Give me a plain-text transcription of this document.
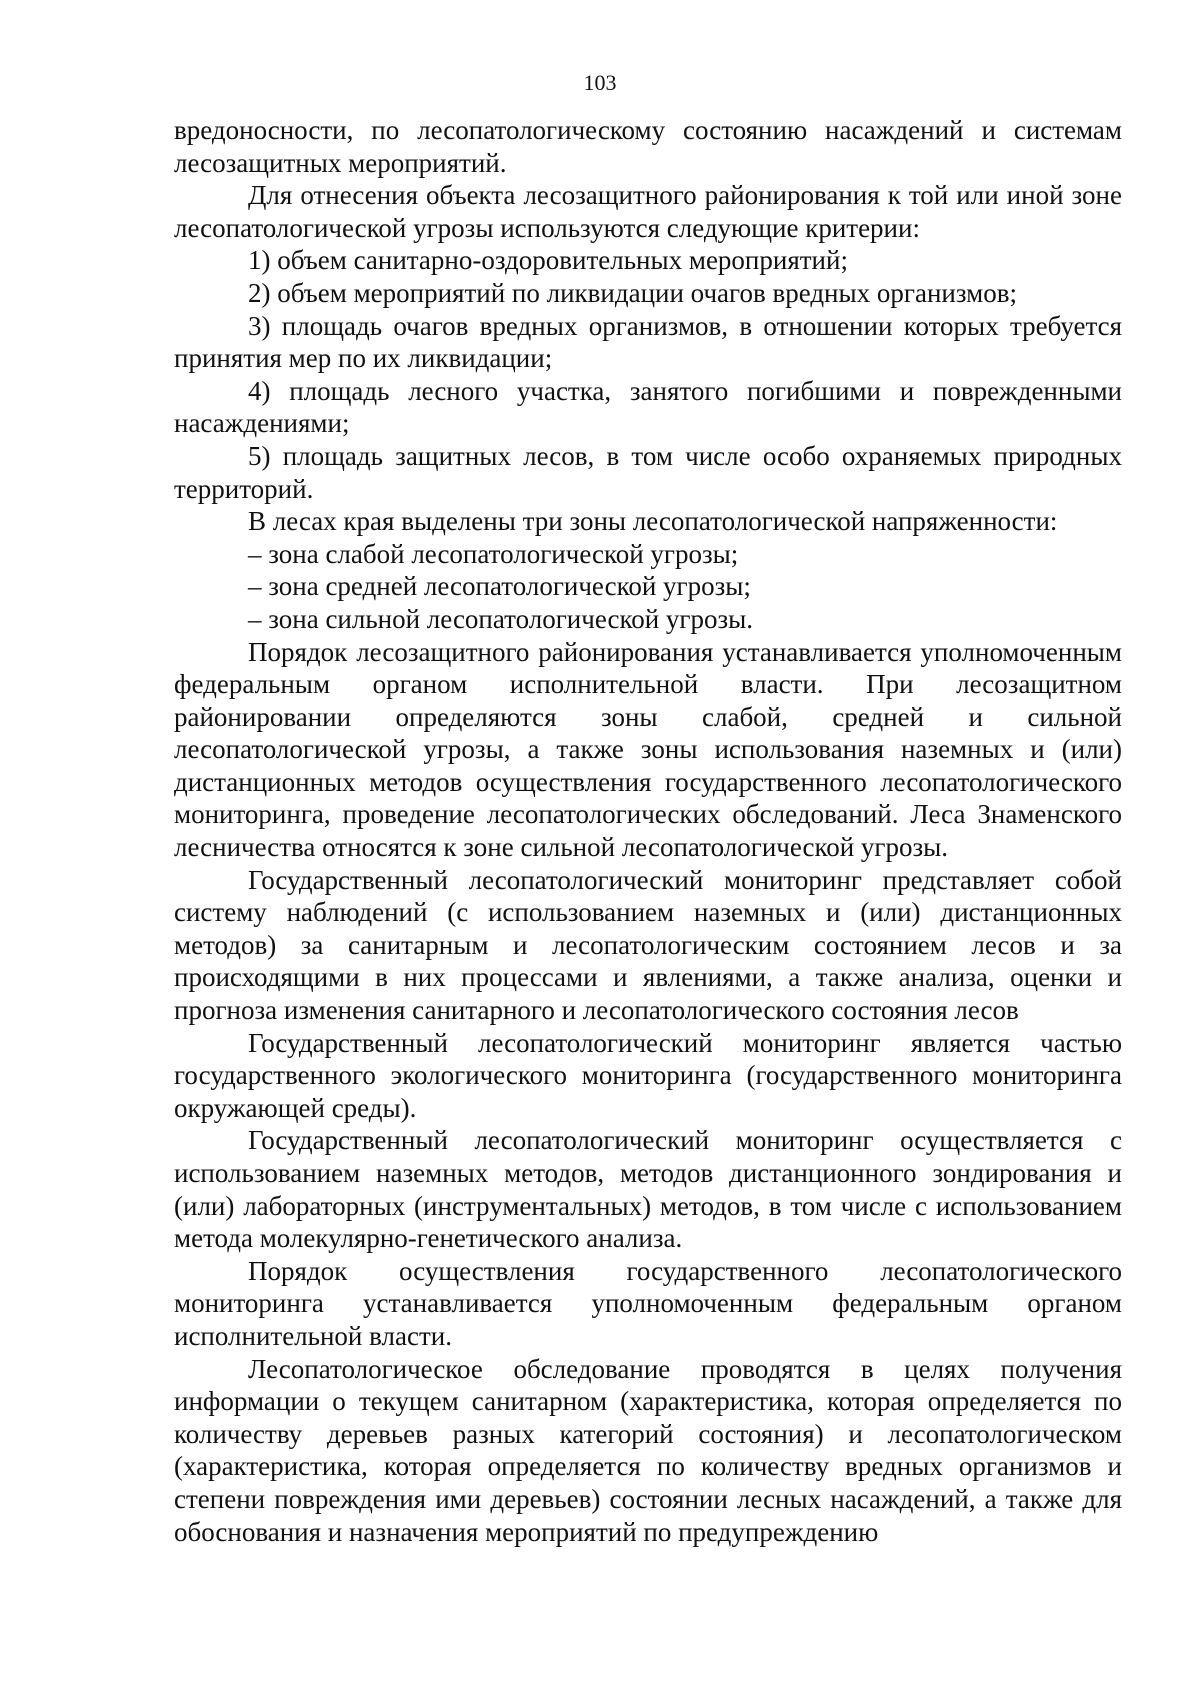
103

вредоносности, по лесопатологическому состоянию насаждений и системам лесозащитных мероприятий.

Для отнесения объекта лесозащитного районирования к той или иной зоне лесопатологической угрозы используются следующие критерии:

1) объем санитарно-оздоровительных мероприятий;

2) объем мероприятий по ликвидации очагов вредных организмов;

3) площадь очагов вредных организмов, в отношении которых требуется принятия мер по их ликвидации;

4) площадь лесного участка, занятого погибшими и поврежденными насаждениями;

5) площадь защитных лесов, в том числе особо охраняемых природных территорий.

В лесах края выделены три зоны лесопатологической напряженности:

– зона слабой лесопатологической угрозы;

– зона средней лесопатологической угрозы;

– зона сильной лесопатологической угрозы.

Порядок лесозащитного районирования устанавливается уполномоченным федеральным органом исполнительной власти. При лесозащитном районировании определяются зоны слабой, средней и сильной лесопатологической угрозы, а также зоны использования наземных и (или) дистанционных методов осуществления государственного лесопатологического мониторинга, проведение лесопатологических обследований. Леса Знаменского лесничества относятся к зоне сильной лесопатологической угрозы.

Государственный лесопатологический мониторинг представляет собой систему наблюдений (с использованием наземных и (или) дистанционных методов) за санитарным и лесопатологическим состоянием лесов и за происходящими в них процессами и явлениями, а также анализа, оценки и прогноза изменения санитарного и лесопатологического состояния лесов

Государственный лесопатологический мониторинг является частью государственного экологического мониторинга (государственного мониторинга окружающей среды).

Государственный лесопатологический мониторинг осуществляется с использованием наземных методов, методов дистанционного зондирования и (или) лабораторных (инструментальных) методов, в том числе с использованием метода молекулярно-генетического анализа.

Порядок осуществления государственного лесопатологического мониторинга устанавливается уполномоченным федеральным органом исполнительной власти.

Лесопатологическое обследование проводятся в целях получения информации о текущем санитарном (характеристика, которая определяется по количеству деревьев разных категорий состояния) и лесопатологическом (характеристика, которая определяется по количеству вредных организмов и степени повреждения ими деревьев) состоянии лесных насаждений, а также для обоснования и назначения мероприятий по предупреждению
